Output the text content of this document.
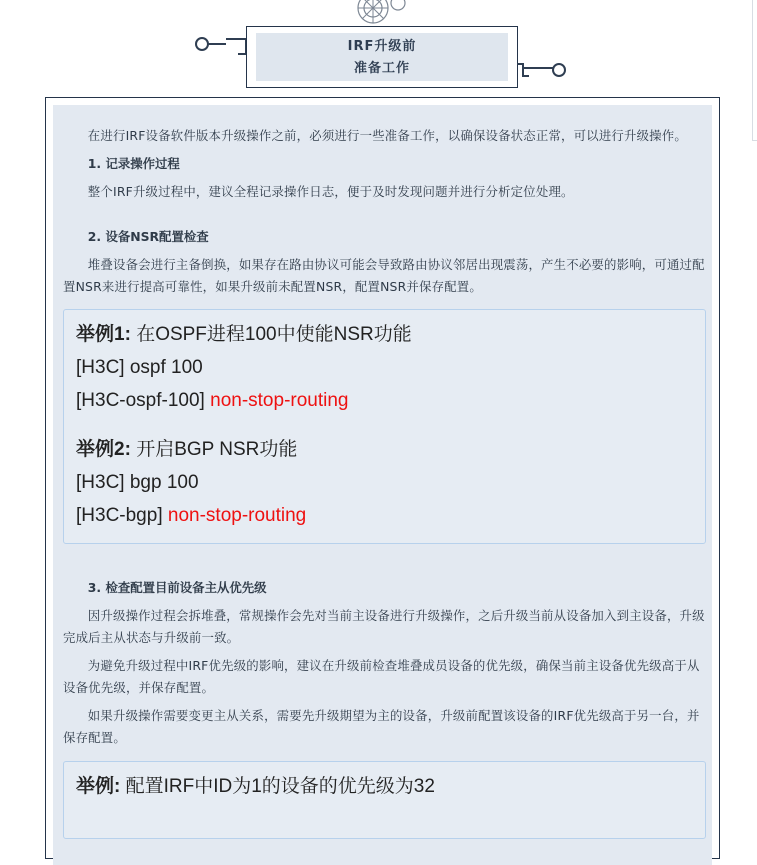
IRF升级前
准备工作

在进行IRF设备软件版本升级操作之前，必须进行一些准备工作，以确保设备状态正常，可以进行升级操作。

1. 记录操作过程

整个IRF升级过程中，建议全程记录操作日志，便于及时发现问题并进行分析定位处理。

2. 设备NSR配置检查

堆叠设备会进行主备倒换，如果存在路由协议可能会导致路由协议邻居出现震荡，产生不必要的影响，可通过配置NSR来进行提高可靠性，如果升级前未配置NSR，配置NSR并保存配置。

举例1: 在OSPF进程100中使能NSR功能
[H3C] ospf 100
[H3C-ospf-100] non-stop-routing
举例2: 开启BGP NSR功能
[H3C] bgp 100
[H3C-bgp] non-stop-routing
3. 检查配置目前设备主从优先级

因升级操作过程会拆堆叠，常规操作会先对当前主设备进行升级操作，之后升级当前从设备加入到主设备，升级完成后主从状态与升级前一致。

为避免升级过程中IRF优先级的影响，建议在升级前检查堆叠成员设备的优先级，确保当前主设备优先级高于从设备优先级，并保存配置。

如果升级操作需要变更主从关系，需要先升级期望为主的设备，升级前配置该设备的IRF优先级高于另一台，并保存配置。

举例: 配置IRF中ID为1的设备的优先级为32
